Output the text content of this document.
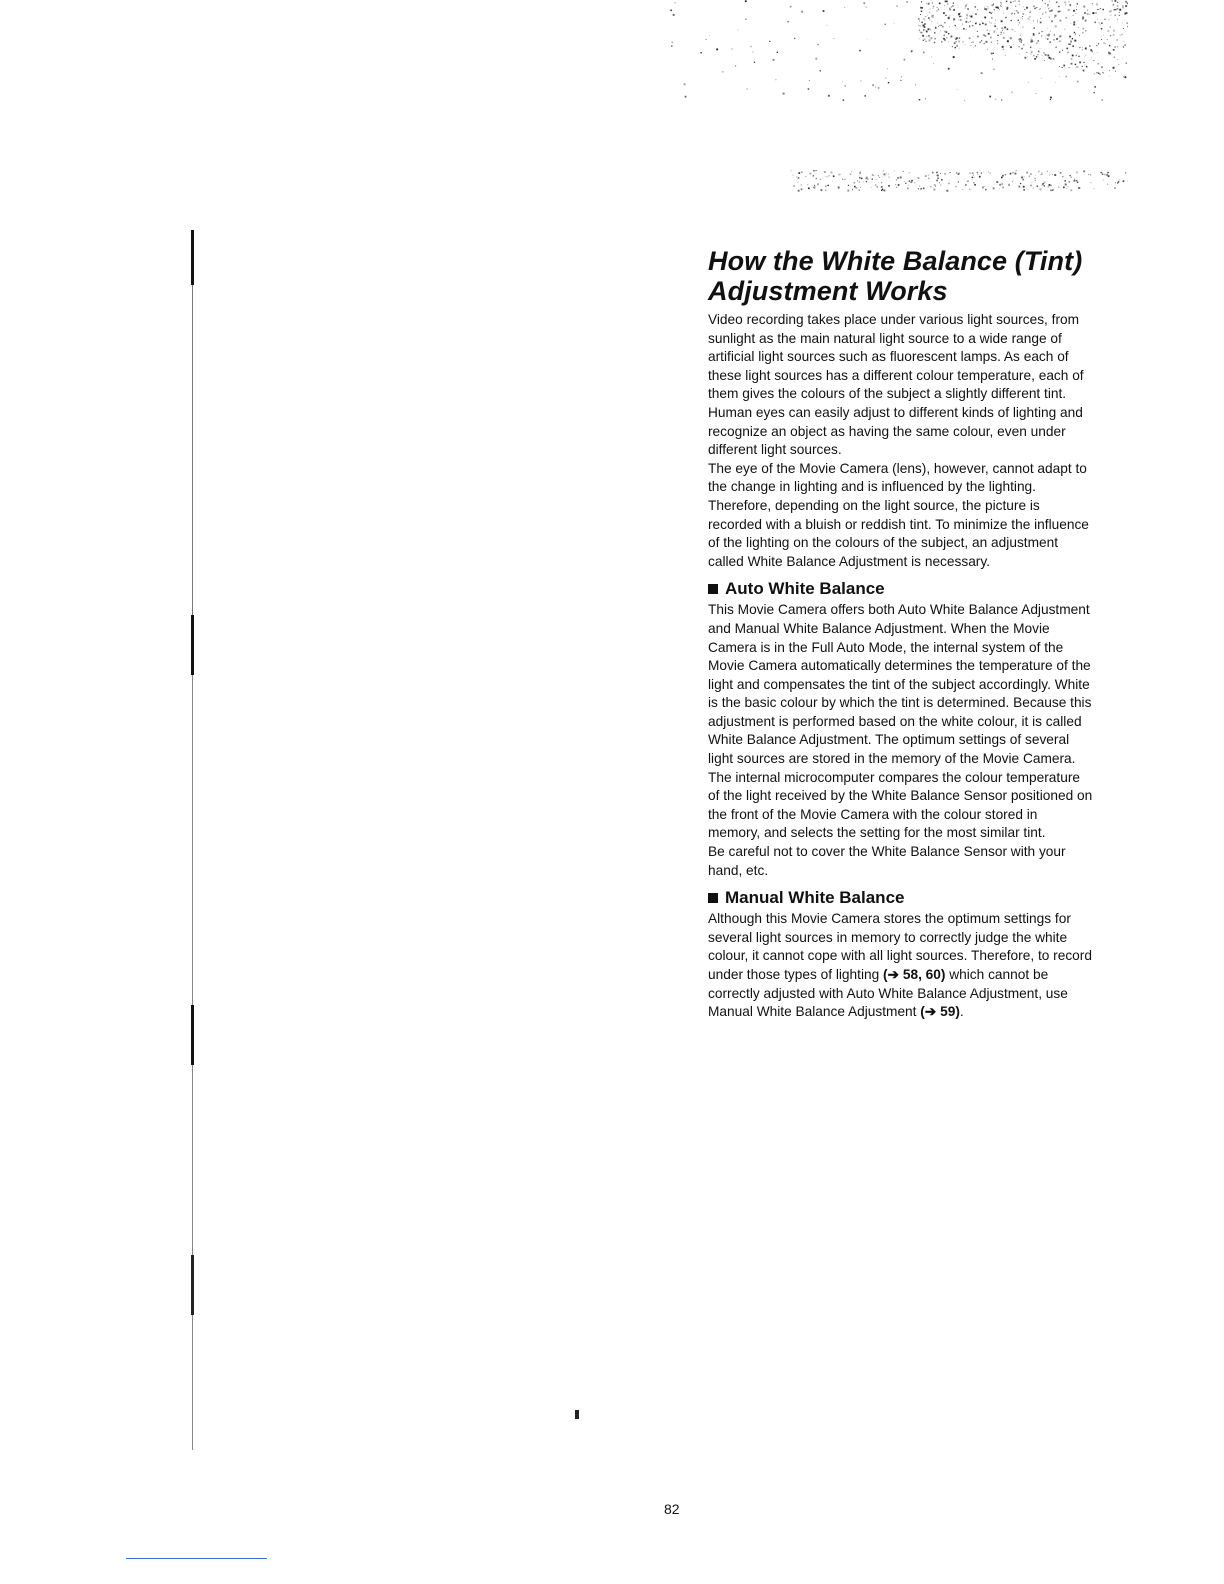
How the White Balance (Tint)
Adjustment Works

Video recording takes place under various light sources, from sunlight as the main natural light source to a wide range of artificial light sources such as fluorescent lamps. As each of these light sources has a different colour temperature, each of them gives the colours of the subject a slightly different tint.

Human eyes can easily adjust to different kinds of lighting and recognize an object as having the same colour, even under different light sources.

The eye of the Movie Camera (lens), however, cannot adapt to the change in lighting and is influenced by the lighting. Therefore, depending on the light source, the picture is recorded with a bluish or reddish tint. To minimize the influence of the lighting on the colours of the subject, an adjustment called White Balance Adjustment is necessary.

Auto White Balance

This Movie Camera offers both Auto White Balance Adjustment and Manual White Balance Adjustment. When the Movie Camera is in the Full Auto Mode, the internal system of the Movie Camera automatically determines the temperature of the light and compensates the tint of the subject accordingly. White is the basic colour by which the tint is determined. Because this adjustment is performed based on the white colour, it is called White Balance Adjustment. The optimum settings of several light sources are stored in the memory of the Movie Camera. The internal microcomputer compares the colour temperature of the light received by the White Balance Sensor positioned on the front of the Movie Camera with the colour stored in memory, and selects the setting for the most similar tint.

Be careful not to cover the White Balance Sensor with your hand, etc.

Manual White Balance

Although this Movie Camera stores the optimum settings for several light sources in memory to correctly judge the white colour, it cannot cope with all light sources. Therefore, to record under those types of lighting (➔ 58, 60) which cannot be correctly adjusted with Auto White Balance Adjustment, use Manual White Balance Adjustment (➔ 59).

82
